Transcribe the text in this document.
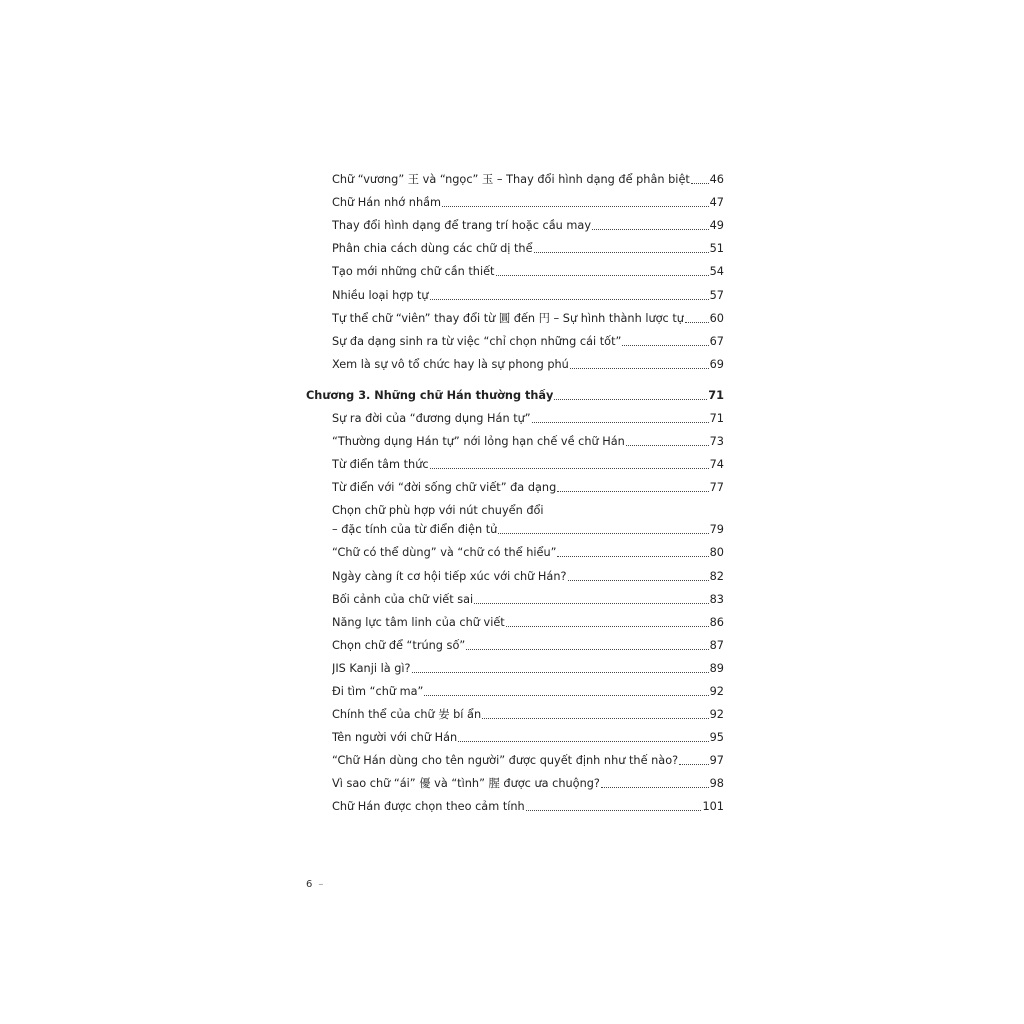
Chữ “vương” 王 và “ngọc” 玉 – Thay đổi hình dạng để phân biệt 46
Chữ Hán nhớ nhầm	47
Thay đổi hình dạng để trang trí hoặc cầu may	49
Phân chia cách dùng các chữ dị thể	51
Tạo mới những chữ cần thiết	54
Nhiều loại hợp tự	57
Tự thể chữ “viên” thay đổi từ 圓 đến 円 – Sự hình thành lược tự 60
Sự đa dạng sinh ra từ việc “chỉ chọn những cái tốt”	67
Xem là sự vô tổ chức hay là sự phong phú	69
Chương 3. Những chữ Hán thường thấy	71
Sự ra đời của “đương dụng Hán tự”	71
“Thường dụng Hán tự” nới lỏng hạn chế về chữ Hán	73
Từ điển tâm thức	74
Từ điển với “đời sống chữ viết” đa dạng	77
Chọn chữ phù hợp với nút chuyển đổi
– đặc tính của từ điển điện tử	79
“Chữ có thể dùng” và “chữ có thể hiểu”	80
Ngày càng ít cơ hội tiếp xúc với chữ Hán?	82
Bối cảnh của chữ viết sai	83
Năng lực tâm linh của chữ viết	86
Chọn chữ để “trúng số”	87
JIS Kanji là gì?	89
Đi tìm “chữ ma”	92
Chính thể của chữ 妛 bí ẩn	92
Tên người với chữ Hán	95
“Chữ Hán dùng cho tên người” được quyết định như thế nào?	97
Vì sao chữ “ái” 優 và “tình” 腥 được ưa chuộng?	98
Chữ Hán được chọn theo cảm tính	101
6 –
